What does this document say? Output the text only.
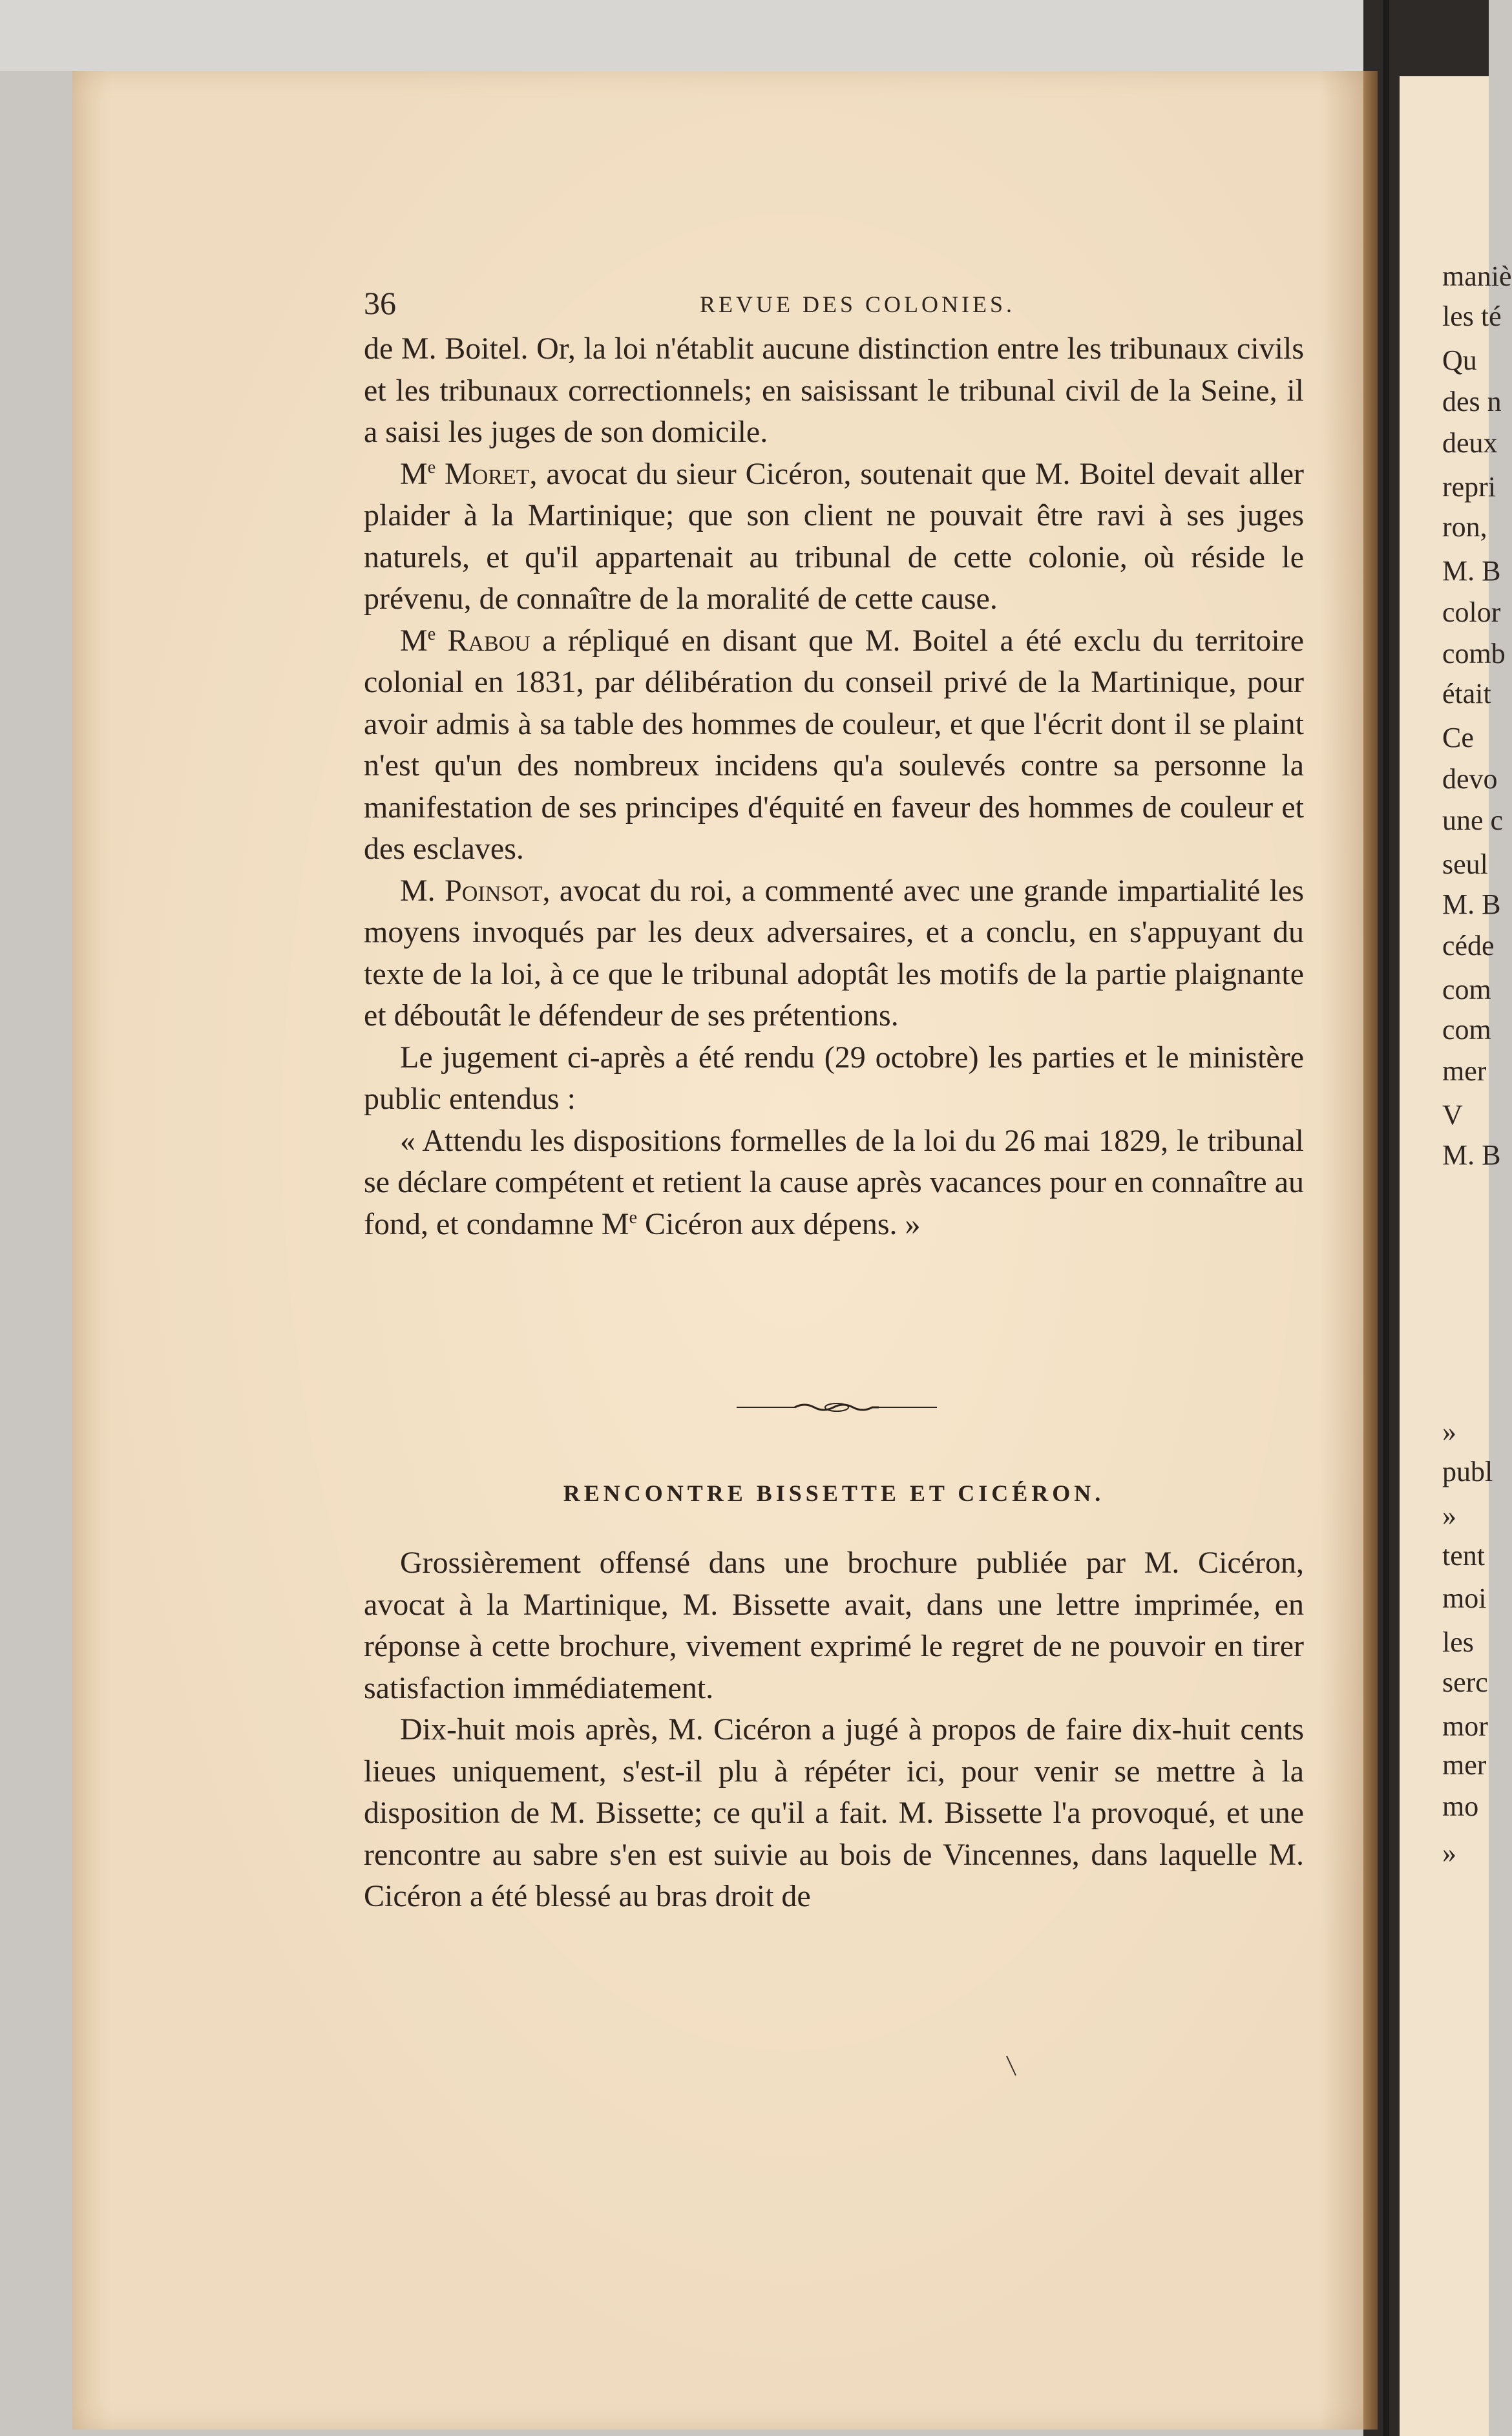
maniè
les té
Qu
des n
deux
repri
ron,
M. B
color
comb
était
Ce
devo
une c
seul
M. B
céde
com
com
mer
V
M. B
»
publ
»
tent
moi
les
serc
mor
mer
mo
»
36	REVUE DES COLONIES.

de M. Boitel. Or, la loi n'établit aucune distinction entre les tribunaux civils et les tribunaux correctionnels; en saisissant le tribunal civil de la Seine, il a saisi les juges de son domicile.

Me Moret, avocat du sieur Cicéron, soutenait que M. Boitel devait aller plaider à la Martinique; que son client ne pouvait être ravi à ses juges naturels, et qu'il appartenait au tribunal de cette colonie, où réside le prévenu, de connaître de la moralité de cette cause.

Me Rabou a répliqué en disant que M. Boitel a été exclu du territoire colonial en 1831, par délibération du conseil privé de la Martinique, pour avoir admis à sa table des hommes de couleur, et que l'écrit dont il se plaint n'est qu'un des nombreux incidens qu'a soulevés contre sa personne la manifestation de ses principes d'équité en faveur des hommes de couleur et des esclaves.

M. Poinsot, avocat du roi, a commenté avec une grande impartialité les moyens invoqués par les deux adversaires, et a conclu, en s'appuyant du texte de la loi, à ce que le tribunal adoptât les motifs de la partie plaignante et déboutât le défendeur de ses prétentions.

Le jugement ci-après a été rendu (29 octobre) les parties et le ministère public entendus :

« Attendu les dispositions formelles de la loi du 26 mai 1829, le tribunal se déclare compétent et retient la cause après vacances pour en connaître au fond, et condamne Me Cicéron aux dépens. »

RENCONTRE BISSETTE ET CICÉRON.

Grossièrement offensé dans une brochure publiée par M. Cicéron, avocat à la Martinique, M. Bissette avait, dans une lettre imprimée, en réponse à cette brochure, vivement exprimé le regret de ne pouvoir en tirer satisfaction immédiatement.

Dix-huit mois après, M. Cicéron a jugé à propos de faire dix-huit cents lieues uniquement, s'est-il plu à répéter ici, pour venir se mettre à la disposition de M. Bissette; ce qu'il a fait. M. Bissette l'a provoqué, et une rencontre au sabre s'en est suivie au bois de Vincennes, dans laquelle M. Cicéron a été blessé au bras droit de
